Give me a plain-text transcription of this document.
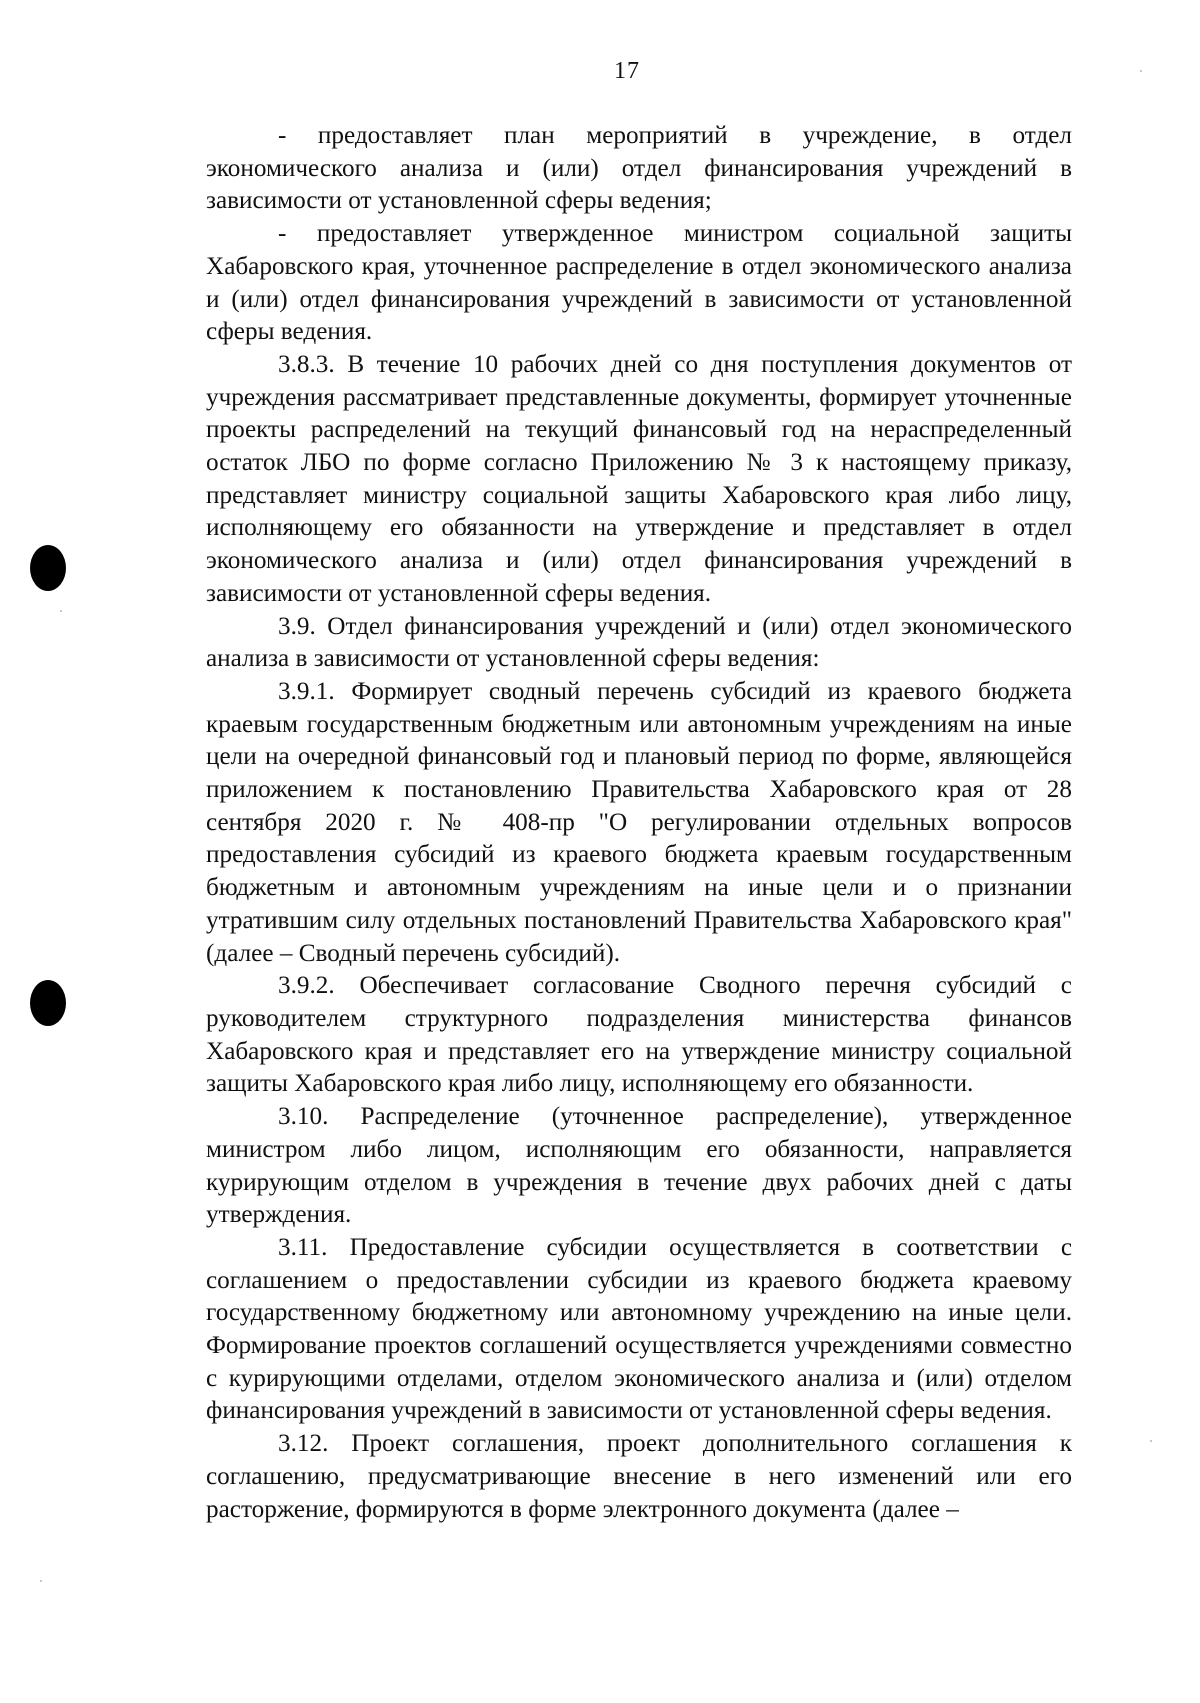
17

- предоставляет план мероприятий в учреждение, в отдел экономического анализа и (или) отдел финансирования учреждений в зависимости от установленной сферы ведения;

- предоставляет утвержденное министром социальной защиты Хабаровского края, уточненное распределение в отдел экономического анализа и (или) отдел финансирования учреждений в зависимости от установленной сферы ведения.

3.8.3. В течение 10 рабочих дней со дня поступления документов от учреждения рассматривает представленные документы, формирует уточненные проекты распределений на текущий финансовый год на нераспределенный остаток ЛБО по форме согласно Приложению № 3 к настоящему приказу, представляет министру социальной защиты Хабаровского края либо лицу, исполняющему его обязанности на утверждение и представляет в отдел экономического анализа и (или) отдел финансирования учреждений в зависимости от установленной сферы ведения.

3.9. Отдел финансирования учреждений и (или) отдел экономического анализа в зависимости от установленной сферы ведения:

3.9.1. Формирует сводный перечень субсидий из краевого бюджета краевым государственным бюджетным или автономным учреждениям на иные цели на очередной финансовый год и плановый период по форме, являющейся приложением к постановлению Правительства Хабаровского края от 28 сентября 2020 г. № 408-пр "О регулировании отдельных вопросов предоставления субсидий из краевого бюджета краевым государственным бюджетным и автономным учреждениям на иные цели и о признании утратившим силу отдельных постановлений Правительства Хабаровского края" (далее – Сводный перечень субсидий).

3.9.2. Обеспечивает согласование Сводного перечня субсидий с руководителем структурного подразделения министерства финансов Хабаровского края и представляет его на утверждение министру социальной защиты Хабаровского края либо лицу, исполняющему его обязанности.

3.10. Распределение (уточненное распределение), утвержденное министром либо лицом, исполняющим его обязанности, направляется курирующим отделом в учреждения в течение двух рабочих дней с даты утверждения.

3.11. Предоставление субсидии осуществляется в соответствии с соглашением о предоставлении субсидии из краевого бюджета краевому государственному бюджетному или автономному учреждению на иные цели. Формирование проектов соглашений осуществляется учреждениями совместно с курирующими отделами, отделом экономического анализа и (или) отделом финансирования учреждений в зависимости от установленной сферы ведения.

3.12. Проект соглашения, проект дополнительного соглашения к соглашению, предусматривающие внесение в него изменений или его расторжение, формируются в форме электронного документа (далее –
